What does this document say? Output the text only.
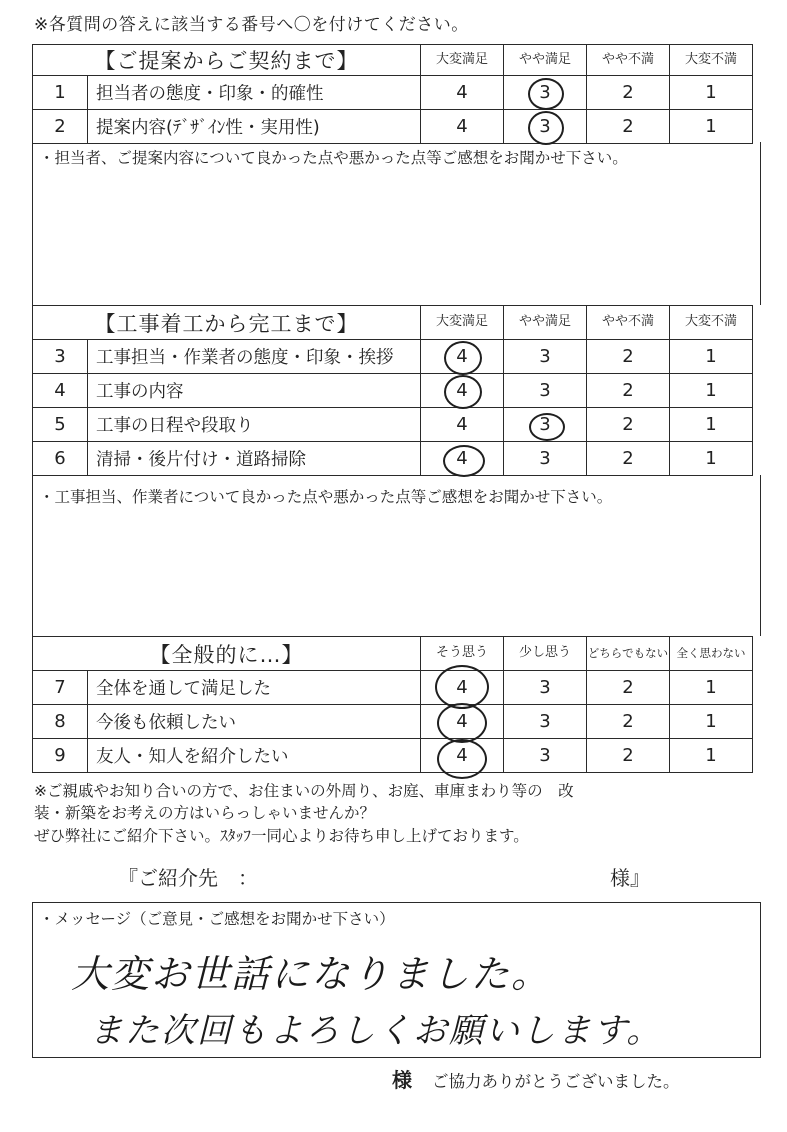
※各質問の答えに該当する番号へ〇を付けてください。
【ご提案からご契約まで】		大変満足	やや満足	やや不満	大変不満
1	担当者の態度・印象・的確性	4	3	2	1
2	提案内容(ﾃﾞｻﾞｲﾝ性・実用性)	4	3	2	1
・担当者、ご提案内容について良かった点や悪かった点等ご感想をお聞かせ下さい。
【工事着工から完工まで】		大変満足	やや満足	やや不満	大変不満
3	工事担当・作業者の態度・印象・挨拶	4	3	2	1
4	工事の内容	4	3	2	1
5	工事の日程や段取り	4	3	2	1
6	清掃・後片付け・道路掃除	4	3	2	1
・工事担当、作業者について良かった点や悪かった点等ご感想をお聞かせ下さい。
【全般的に…】		そう思う	少し思う	どちらでもない	全く思わない
7	全体を通して満足した	4	3	2	1
8	今後も依頼したい	4	3	2	1
9	友人・知人を紹介したい	4	3	2	1
※ご親戚やお知り合いの方で、お住まいの外周り、お庭、車庫まわり等の　改
装・新築をお考えの方はいらっしゃいませんか？
ぜひ弊社にご紹介下さい。ｽﾀｯﾌ一同心よりお待ち申し上げております。
『ご紹介先　：	様』
・メッセージ（ご意見・ご感想をお聞かせ下さい）
大変お世話になりました。
また次回もよろしくお願いします。
様 ご協力ありがとうございました。
